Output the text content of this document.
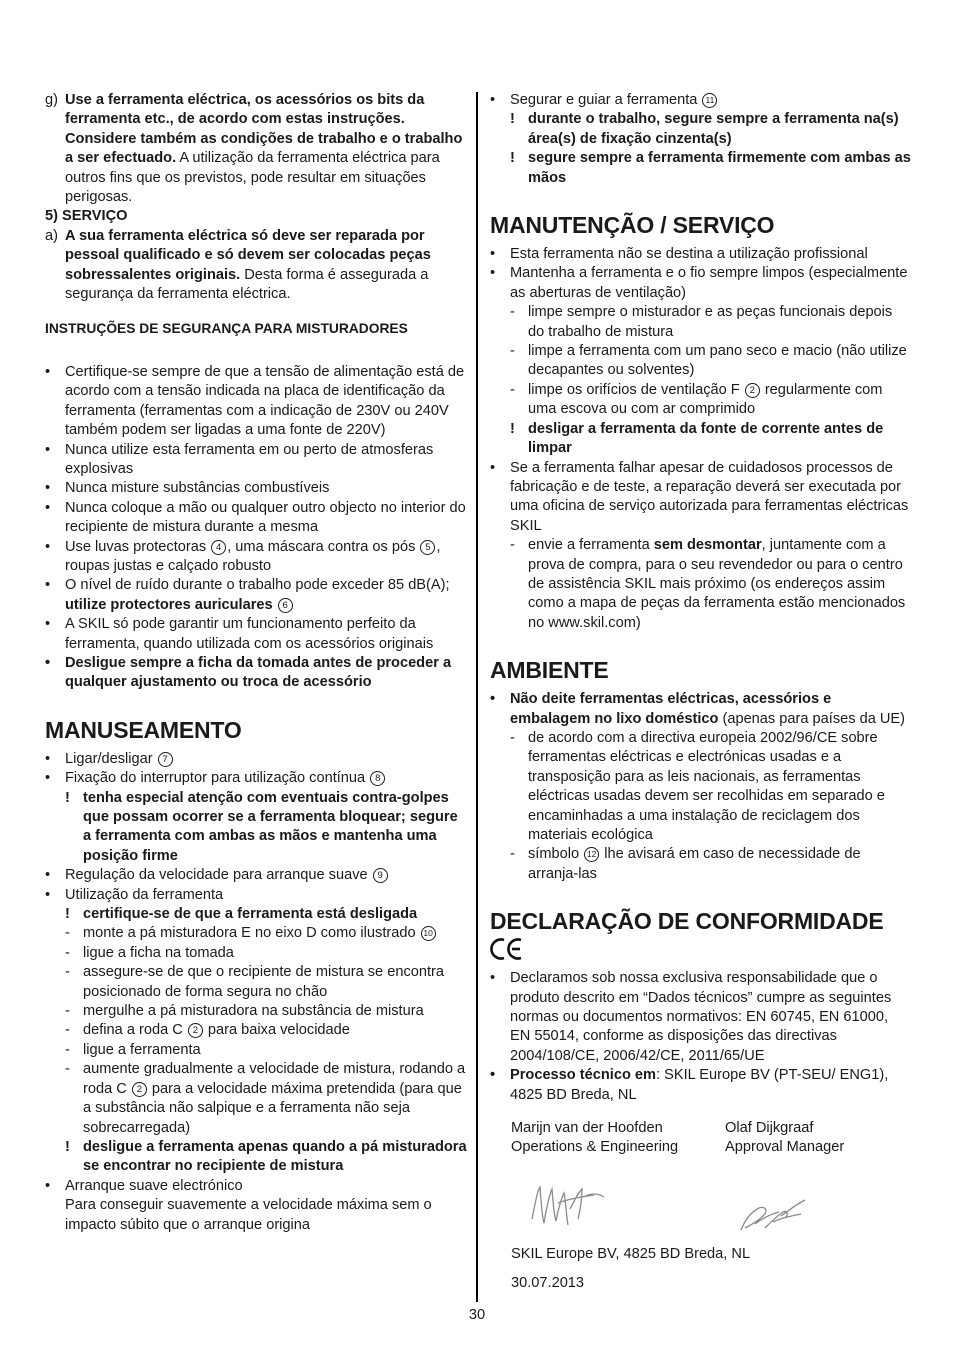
g) Use a ferramenta eléctrica, os acessórios os bits da ferramenta etc., de acordo com estas instruções. Considere também as condições de trabalho e o trabalho a ser efectuado. A utilização da ferramenta eléctrica para outros fins que os previstos, pode resultar em situações perigosas.

5) SERVIÇO

a) A sua ferramenta eléctrica só deve ser reparada por pessoal qualificado e só devem ser colocadas peças sobressalentes originais. Desta forma é assegurada a segurança da ferramenta eléctrica.

INSTRUÇÕES DE SEGURANÇA PARA MISTURADORES

• Certifique-se sempre de que a tensão de alimentação está de acordo com a tensão indicada na placa de identificação da ferramenta (ferramentas com a indicação de 230V ou 240V também podem ser ligadas a uma fonte de 220V)
• Nunca utilize esta ferramenta em ou perto de atmosferas explosivas
• Nunca misture substâncias combustíveis
• Nunca coloque a mão ou qualquer outro objecto no interior do recipiente de mistura durante a mesma
• Use luvas protectoras 4 , uma máscara contra os pós 5 , roupas justas e calçado robusto
• O nível de ruído durante o trabalho pode exceder 85 dB(A); utilize protectores auriculares 6
• A SKIL só pode garantir um funcionamento perfeito da ferramenta, quando utilizada com os acessórios originais
• Desligue sempre a ficha da tomada antes de proceder a qualquer ajustamento ou troca de acessório
MANUSEAMENTO
• Ligar/desligar 7
• Fixação do interruptor para utilização contínua 8
! tenha especial atenção com eventuais contra-golpes que possam ocorrer se a ferramenta bloquear; segure a ferramenta com ambas as mãos e mantenha uma posição firme
• Regulação da velocidade para arranque suave 9
• Utilização da ferramenta
! certifique-se de que a ferramenta está desligada
- monte a pá misturadora E no eixo D como ilustrado 10
- ligue a ficha na tomada
- assegure-se de que o recipiente de mistura se encontra posicionado de forma segura no chão
- mergulhe a pá misturadora na substância de mistura
- defina a roda C 2 para baixa velocidade
- ligue a ferramenta
- aumente gradualmente a velocidade de mistura, rodando a roda C 2 para a velocidade máxima pretendida (para que a substância não salpique e a ferramenta não seja sobrecarregada)
! desligue a ferramenta apenas quando a pá misturadora se encontrar no recipiente de mistura
• Arranque suave electrónico

Para conseguir suavemente a velocidade máxima sem o impacto súbito que o arranque origina

• Segurar e guiar a ferramenta 11
! durante o trabalho, segure sempre a ferramenta na(s) área(s) de fixação cinzenta(s)
! segure sempre a ferramenta firmemente com ambas as mãos
MANUTENÇÃO / SERVIÇO
• Esta ferramenta não se destina a utilização profissional
• Mantenha a ferramenta e o fio sempre limpos (especialmente as aberturas de ventilação)
- limpe sempre o misturador e as peças funcionais depois do trabalho de mistura
- limpe a ferramenta com um pano seco e macio (não utilize decapantes ou solventes)
- limpe os orifícios de ventilação F 2 regularmente com uma escova ou com ar comprimido
! desligar a ferramenta da fonte de corrente antes de limpar
• Se a ferramenta falhar apesar de cuidadosos processos de fabricação e de teste, a reparação deverá ser executada por uma oficina de serviço autorizada para ferramentas eléctricas SKIL
- envie a ferramenta sem desmontar, juntamente com a prova de compra, para o seu revendedor ou para o centro de assistência SKIL mais próximo (os endereços assim como a mapa de peças da ferramenta estão mencionados no www.skil.com)
AMBIENTE
• Não deite ferramentas eléctricas, acessórios e embalagem no lixo doméstico (apenas para países da UE)
- de acordo com a directiva europeia 2002/96/CE sobre ferramentas eléctricas e electrónicas usadas e a transposição para as leis nacionais, as ferramentas eléctricas usadas devem ser recolhidas em separado e encaminhadas a uma instalação de reciclagem dos materiais ecológica
- símbolo 12 lhe avisará em caso de necessidade de arranja-las
DECLARAÇÃO DE CONFORMIDADE
• Declaramos sob nossa exclusiva responsabilidade que o produto descrito em “Dados técnicos” cumpre as seguintes normas ou documentos normativos: EN 60745, EN 61000, EN 55014, conforme as disposições das directivas 2004/108/CE, 2006/42/CE, 2011/65/UE
• Processo técnico em: SKIL Europe BV (PT-SEU/ ENG1), 4825 BD Breda, NL
Marijn van der Hoofden
Operations & Engineering
Olaf Dijkgraaf
Approval Manager
SKIL Europe BV, 4825 BD Breda, NL
30.07.2013
30
